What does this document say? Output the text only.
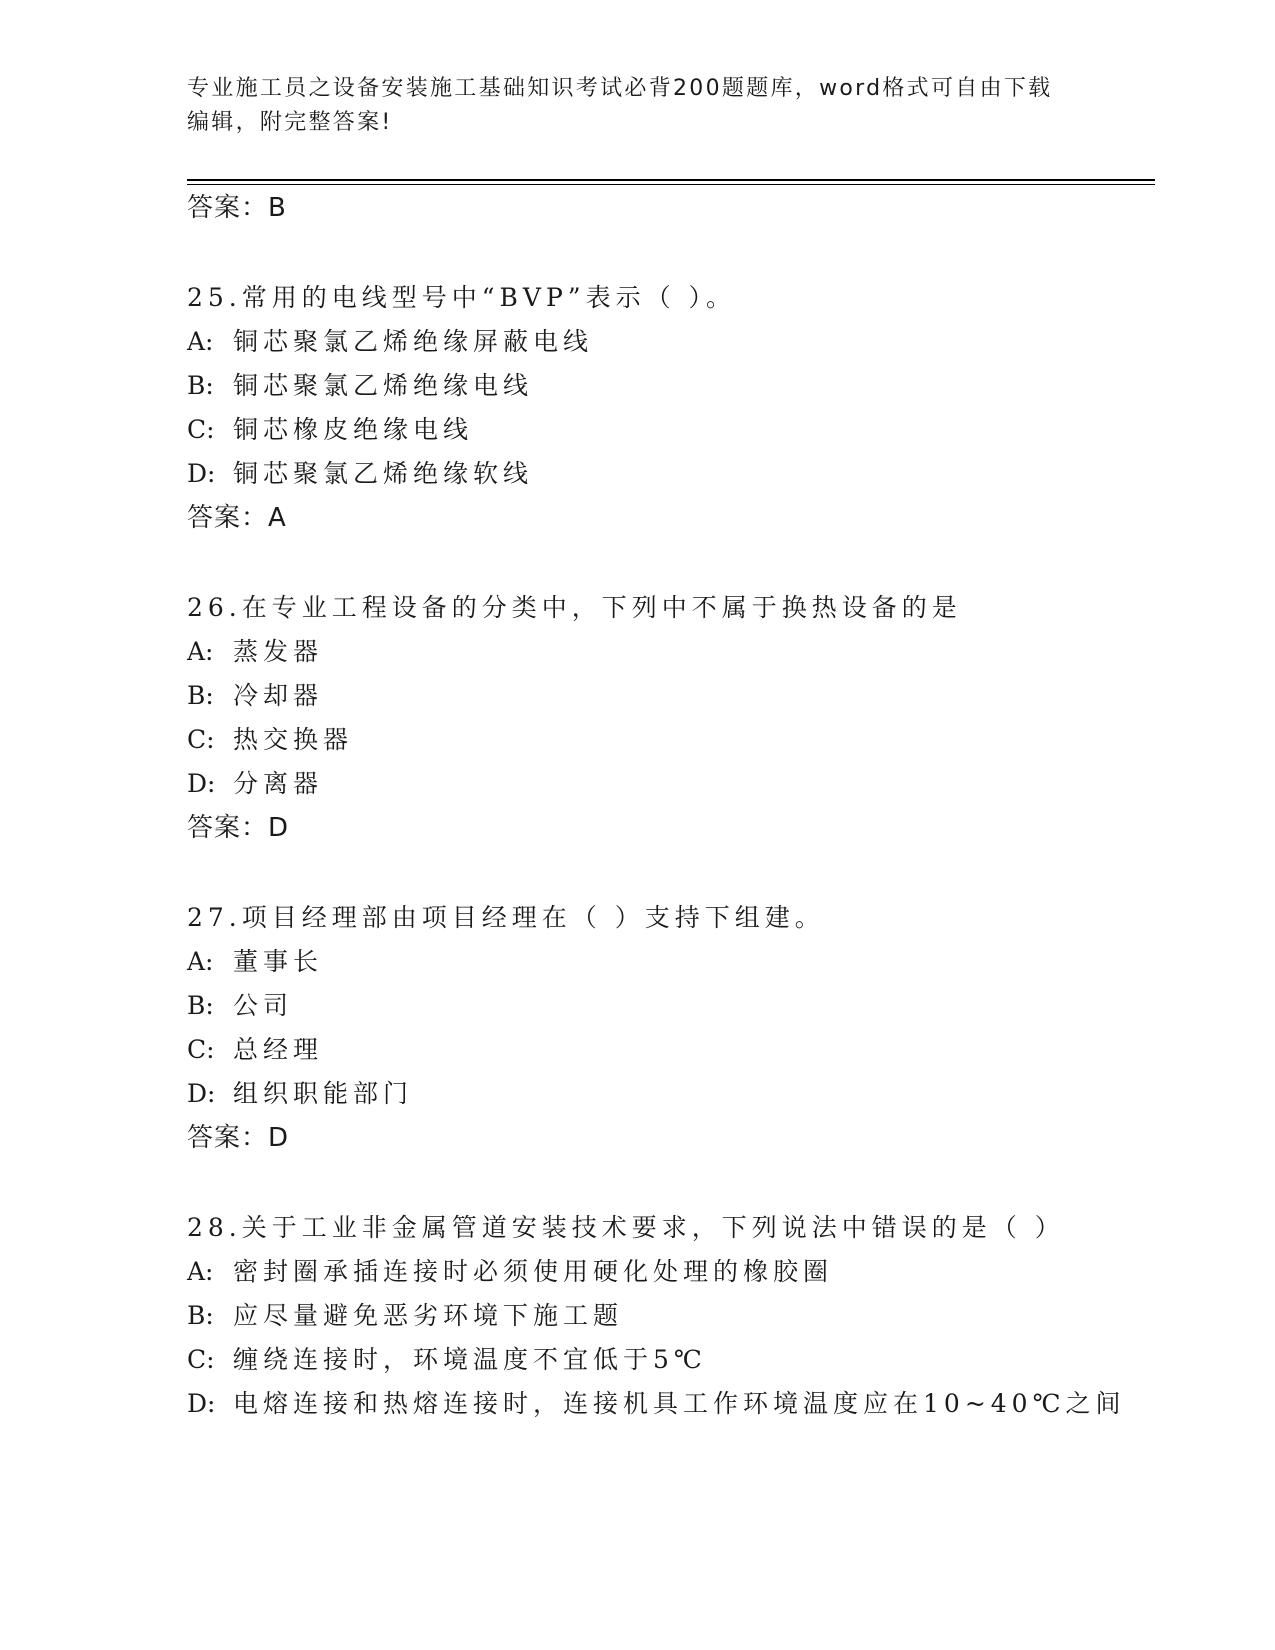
专业施工员之设备安装施工基础知识考试必背200题题库，word格式可自由下载
编辑，附完整答案!
答案：B
25.常用的电线型号中“BVP”表示（ ）。
A: 铜芯聚氯乙烯绝缘屏蔽电线
B: 铜芯聚氯乙烯绝缘电线
C: 铜芯橡皮绝缘电线
D: 铜芯聚氯乙烯绝缘软线
答案：A
26.在专业工程设备的分类中，下列中不属于换热设备的是
A: 蒸发器
B: 冷却器
C: 热交换器
D: 分离器
答案：D
27.项目经理部由项目经理在（ ）支持下组建。
A: 董事长
B: 公司
C: 总经理
D: 组织职能部门
答案：D
28.关于工业非金属管道安装技术要求，下列说法中错误的是（ ）
A: 密封圈承插连接时必须使用硬化处理的橡胶圈
B: 应尽量避免恶劣环境下施工题
C: 缠绕连接时，环境温度不宜低于5℃
D: 电熔连接和热熔连接时，连接机具工作环境温度应在10~40℃之间
